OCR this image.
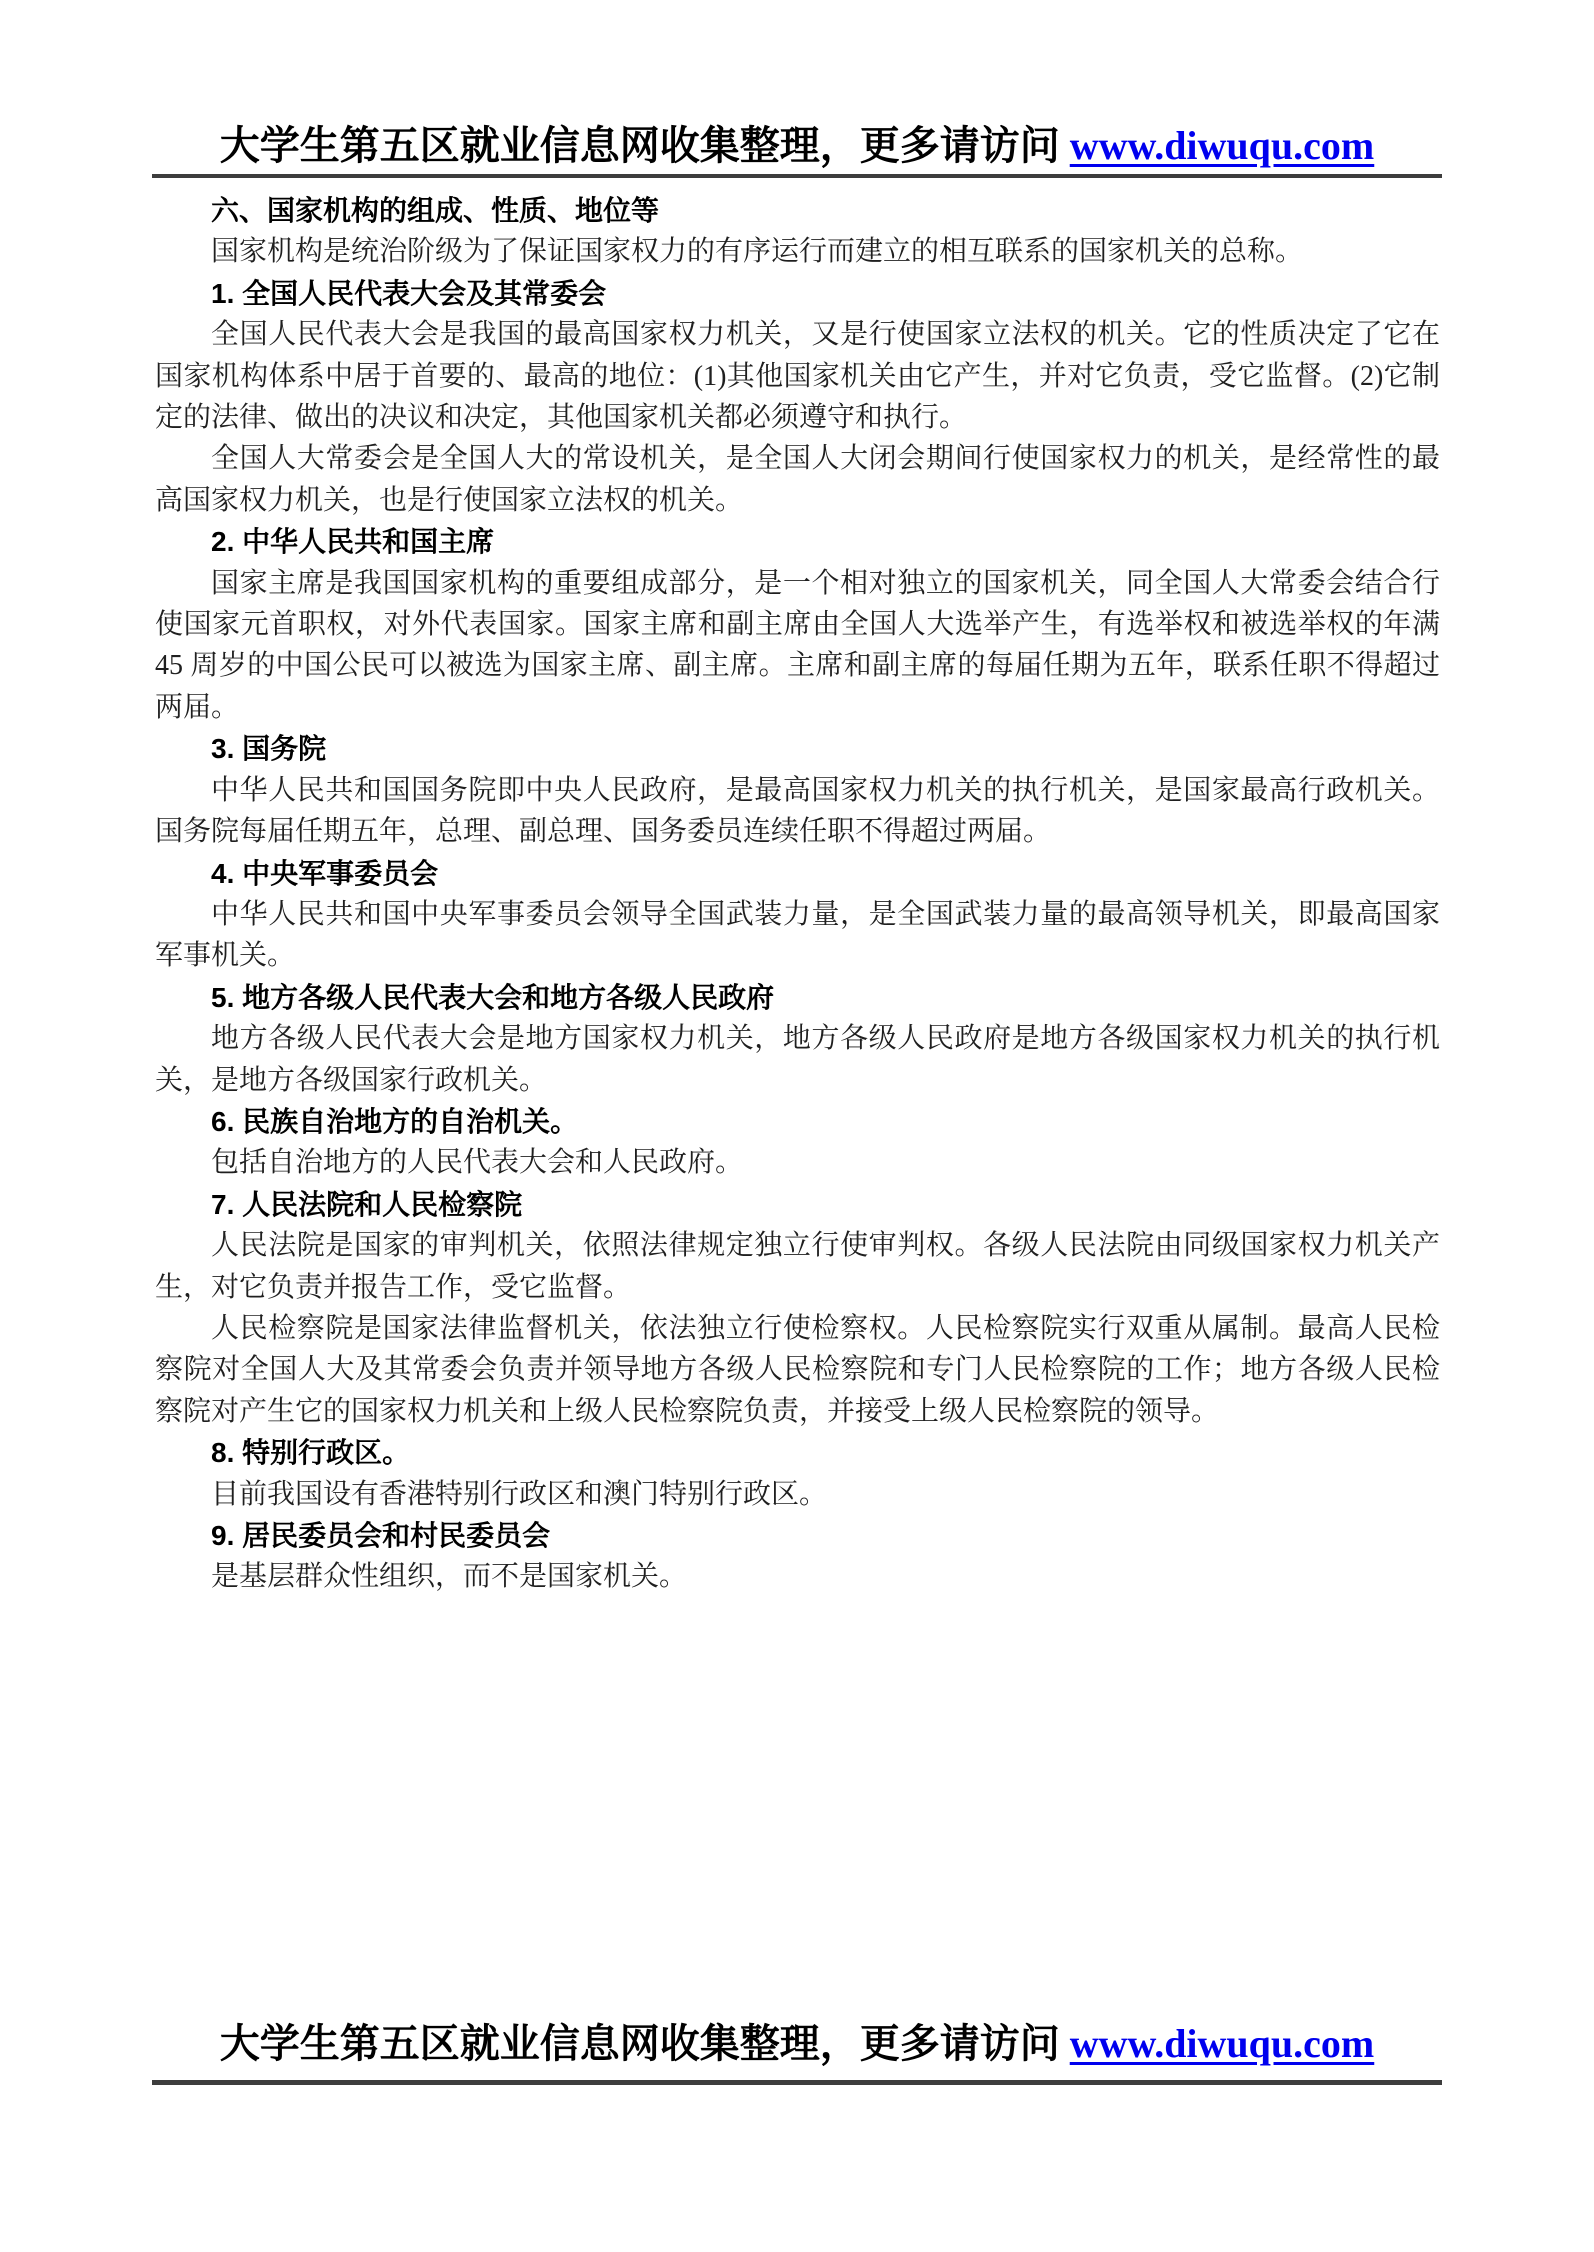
大学生第五区就业信息网收集整理，更多请访问 www.diwuqu.com

六、国家机构的组成、性质、地位等

国家机构是统治阶级为了保证国家权力的有序运行而建立的相互联系的国家机关的总称。

1. 全国人民代表大会及其常委会

全国人民代表大会是我国的最高国家权力机关，又是行使国家立法权的机关。它的性质决定了它在国家机构体系中居于首要的、最高的地位：(1)其他国家机关由它产生，并对它负责，受它监督。(2)它制定的法律、做出的决议和决定，其他国家机关都必须遵守和执行。

全国人大常委会是全国人大的常设机关，是全国人大闭会期间行使国家权力的机关，是经常性的最高国家权力机关，也是行使国家立法权的机关。

2. 中华人民共和国主席

国家主席是我国国家机构的重要组成部分，是一个相对独立的国家机关，同全国人大常委会结合行使国家元首职权，对外代表国家。国家主席和副主席由全国人大选举产生，有选举权和被选举权的年满 45 周岁的中国公民可以被选为国家主席、副主席。主席和副主席的每届任期为五年，联系任职不得超过两届。

3. 国务院

中华人民共和国国务院即中央人民政府，是最高国家权力机关的执行机关，是国家最高行政机关。国务院每届任期五年，总理、副总理、国务委员连续任职不得超过两届。

4. 中央军事委员会

中华人民共和国中央军事委员会领导全国武装力量，是全国武装力量的最高领导机关，即最高国家军事机关。

5. 地方各级人民代表大会和地方各级人民政府

地方各级人民代表大会是地方国家权力机关，地方各级人民政府是地方各级国家权力机关的执行机关，是地方各级国家行政机关。

6. 民族自治地方的自治机关。

包括自治地方的人民代表大会和人民政府。

7. 人民法院和人民检察院

人民法院是国家的审判机关，依照法律规定独立行使审判权。各级人民法院由同级国家权力机关产生，对它负责并报告工作，受它监督。

人民检察院是国家法律监督机关，依法独立行使检察权。人民检察院实行双重从属制。最高人民检察院对全国人大及其常委会负责并领导地方各级人民检察院和专门人民检察院的工作；地方各级人民检察院对产生它的国家权力机关和上级人民检察院负责，并接受上级人民检察院的领导。

8. 特别行政区。

目前我国设有香港特别行政区和澳门特别行政区。

9. 居民委员会和村民委员会

是基层群众性组织，而不是国家机关。

大学生第五区就业信息网收集整理，更多请访问 www.diwuqu.com
